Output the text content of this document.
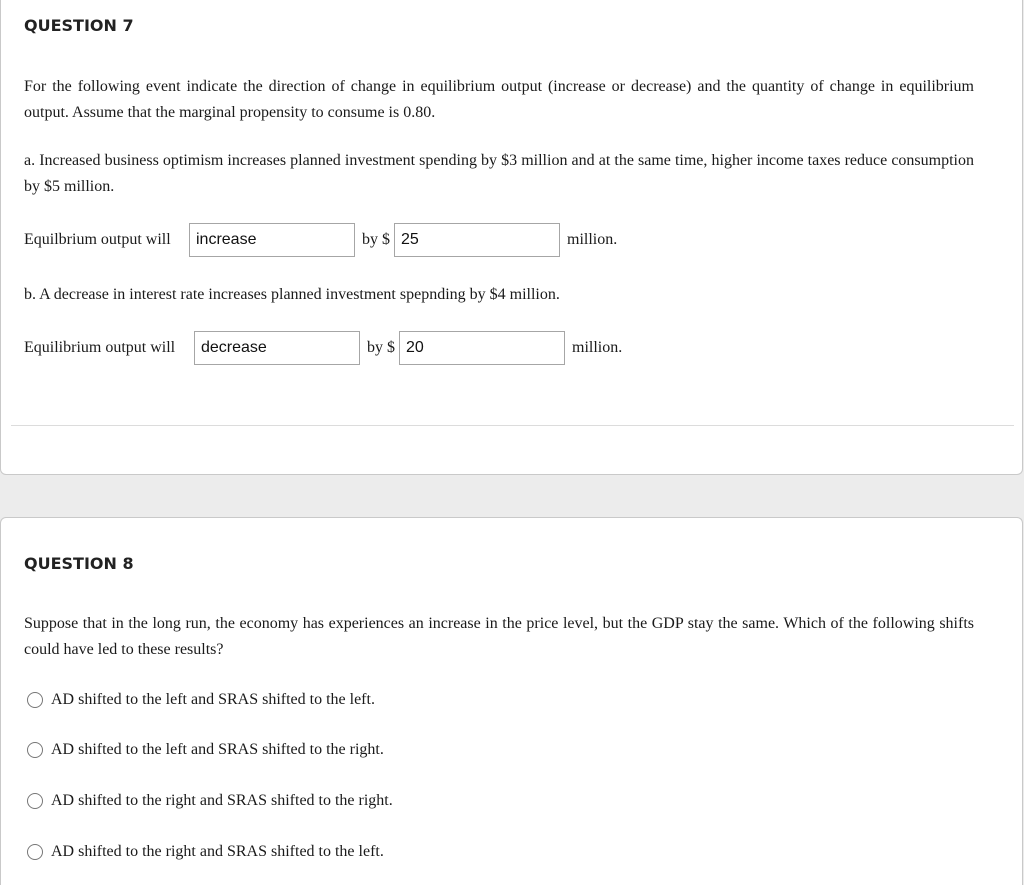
QUESTION 7

For the following event indicate the direction of change in equilibrium output (increase or decrease) and the quantity of change in equilibrium output. Assume that the marginal propensity to consume is 0.80.

a. Increased business optimism increases planned investment spending by $3 million and at the same time, higher income taxes reduce consumption by $5 million.

Equilbrium output will	increase	by $ 25	million.

b. A decrease in interest rate increases planned investment spepnding by $4 million.

Equilibrium output will	decrease	by $ 20	million.
QUESTION 8

Suppose that in the long run, the economy has experiences an increase in the price level, but the GDP stay the same. Which of the following shifts could have led to these results?

AD shifted to the left and SRAS shifted to the left.
AD shifted to the left and SRAS shifted to the right.
AD shifted to the right and SRAS shifted to the right.
AD shifted to the right and SRAS shifted to the left.
